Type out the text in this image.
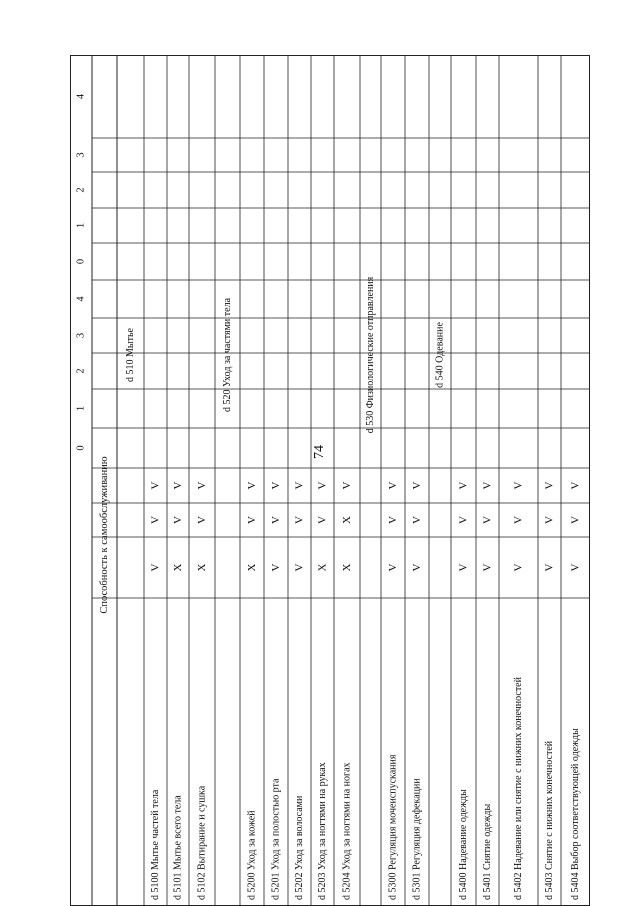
74
0
1
2
3
4
0
1
2
3
4
Способность к самообслуживанию
d 510 Мытье
d 5100 Мытье частей тела
V
V
V
d 5101 Мытье всего тела
X
V
V
d 5102 Вытирание и сушка
X
V
V
d 520 Уход за частями тела
d 5200 Уход за кожей
X
V
V
d 5201 Уход за полостью рта
V
V
V
d 5202 Уход за волосами
V
V
V
d 5203 Уход за ногтями на руках
X
V
V
d 5204 Уход за ногтями на ногах
X
X
V
d 530 Физиологические отправления
d 5300 Регуляция мочеиспускания
V
V
V
d 5301 Регуляция дефекации
V
V
V
d 540 Одевание
d 5400 Надевание одежды
V
V
V
d 5401 Снятие одежды
V
V
V
d 5402 Надевание или снятие с нижних конечностей
V
V
V
d 5403 Снятие с нижних конечностей
V
V
V
d 5404 Выбор соответствующей одежды
V
V
V
